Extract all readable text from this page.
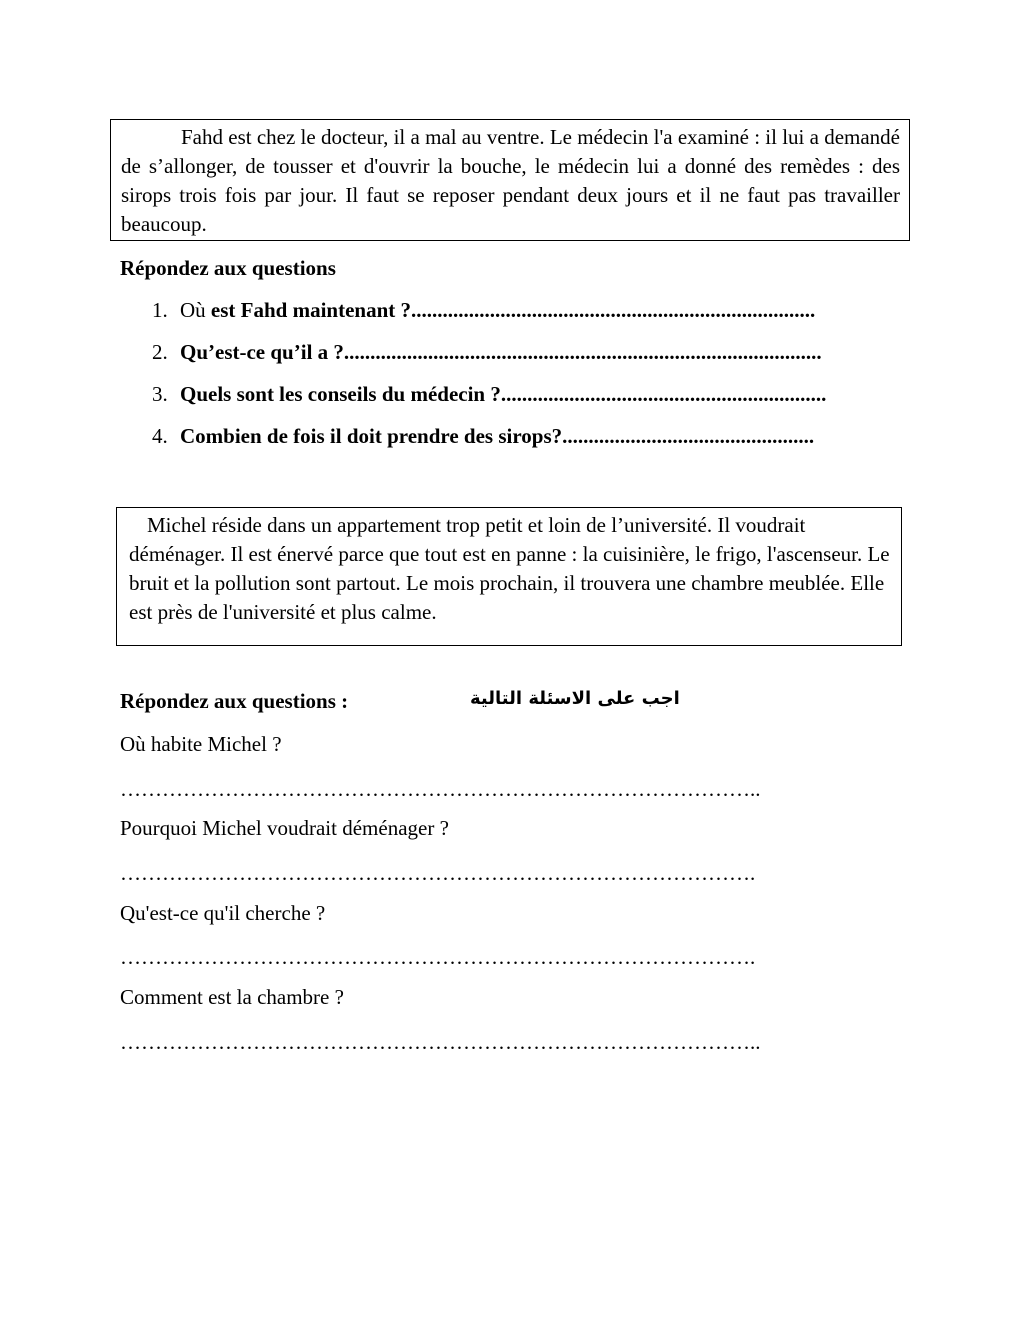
Fahd est chez le docteur, il a mal au ventre. Le médecin l'a examiné : il lui a demandé de s’allonger, de tousser et d'ouvrir la bouche, le médecin lui a donné des remèdes : des sirops trois fois par jour. Il faut se reposer pendant deux jours et il ne faut pas travailler beaucoup.

Répondez aux questions
1. Où est Fahd maintenant ?.............................................................................
2. Qu’est-ce qu’il a ?...........................................................................................
3. Quels sont les conseils du médecin ?..............................................................
4. Combien de fois il doit prendre des sirops?................................................

Michel réside dans un appartement trop petit et loin de l’université. Il voudrait déménager. Il est énervé parce que tout est en panne : la cuisinière, le frigo, l'ascenseur. Le bruit et la pollution sont partout. Le mois prochain, il trouvera une chambre meublée. Elle est près de l'université et plus calme.

Répondez aux questions :	اجب على الاسئلة التالية
Où habite Michel ?
………………………………………………………………………………..
Pourquoi Michel voudrait déménager ?
……………………………………………………………………………….
Qu'est-ce qu'il cherche ?
……………………………………………………………………………….
Comment est la chambre ?
………………………………………………………………………………..
